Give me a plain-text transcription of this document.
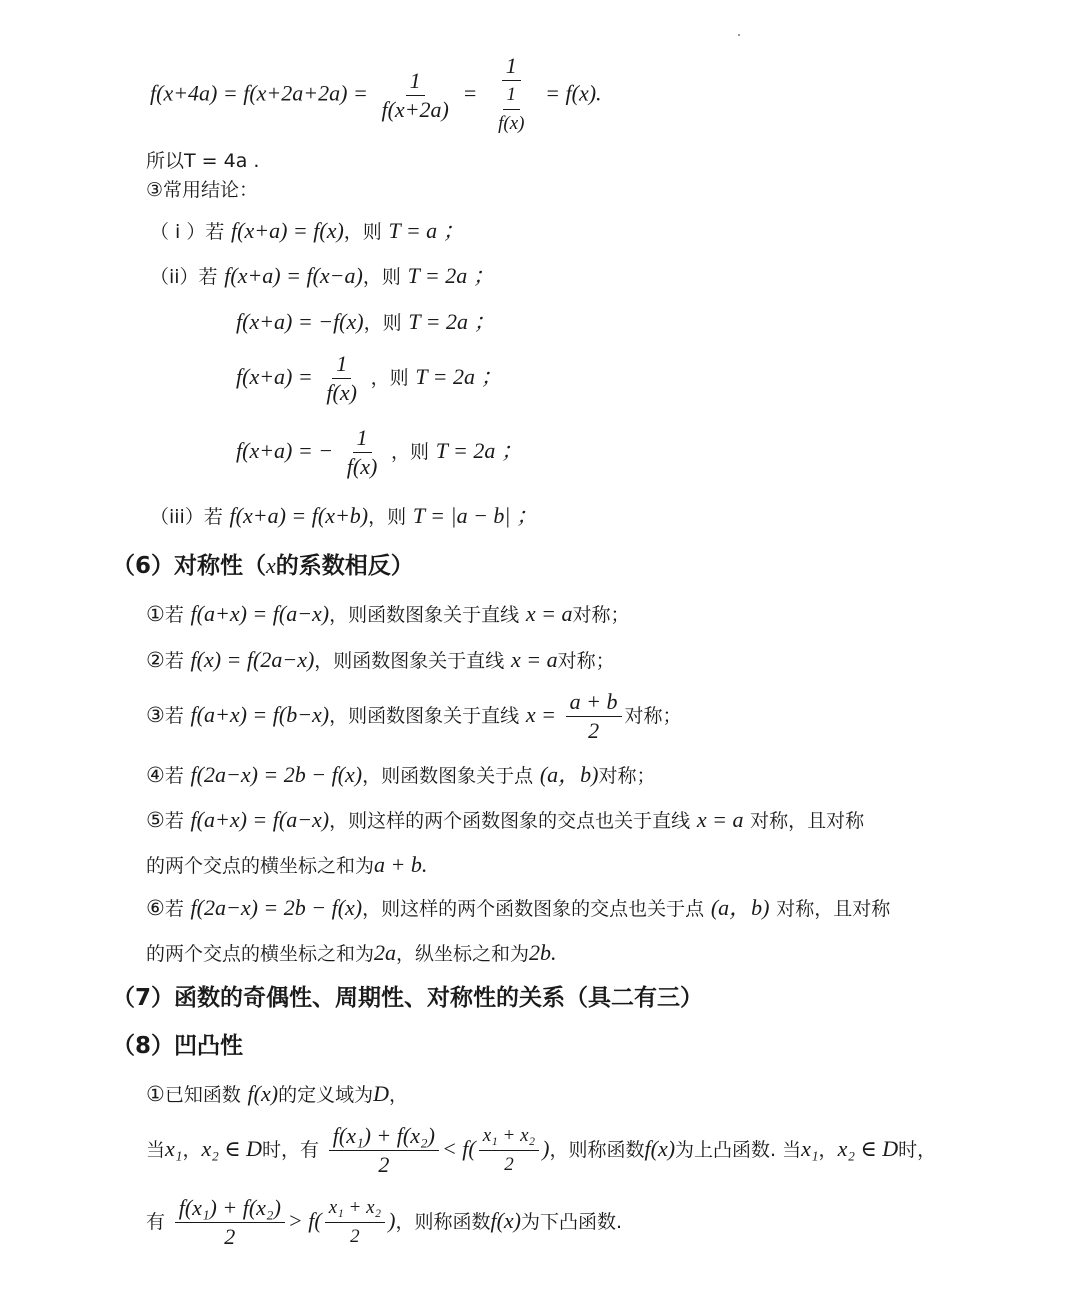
$f(x+4a) = f(x+2a+2a) = \frac{1}{f(x+2a)} = \frac{1}{\frac{1}{f(x)}} = f(x)$.
所以T = 4a .
③常用结论：
（ i ）若 f(x+a) = f(x)，则 T = a ；
（ii）若 f(x+a) = f(x−a)，则 T = 2a ；
f(x+a) = −f(x)，则 T = 2a ；
$f(x+a) = \frac{1}{f(x)}$ ，则 T = 2a ；
f(x+a) = − $\frac{1}{f(x)}$ ，则 T = 2a ；
（iii）若 f(x+a) = f(x+b)，则 T = |a − b| ；
（6）对称性（x的系数相反）
①若 f(a+x) = f(a−x)，则函数图象关于直线 x = a对称；
②若 f(x) = f(2a−x)，则函数图象关于直线 x = a对称；
③若 f(a+x) = f(b−x)，则函数图象关于直线 $x = \frac{a + b}{2}$ 对称；
④若 f(2a−x) = 2b − f(x)，则函数图象关于点 (a，b)对称；
⑤若 f(a+x) = f(a−x)，则这样的两个函数图象的交点也关于直线 x = a 对称，且对称
的两个交点的横坐标之和为a + b.
⑥若 f(2a−x) = 2b − f(x)，则这样的两个函数图象的交点也关于点 (a，b) 对称，且对称
的两个交点的横坐标之和为2a，纵坐标之和为2b.
（7）函数的奇偶性、周期性、对称性的关系（具二有三）
（8）凹凸性
①已知函数 f(x)的定义域为D，
当x₁，x₂ ∈ D时，有 $\frac{\text{f(x₁) + f(x₂)}}{2} < f( \frac{\text{x₁ + x₂}}{2}$ )，则称函数f(x)为上凸函数. 当x₁，x₂ ∈ D时，
有 $\frac{\text{f(x₁) + f(x₂)}}{2} > f( \frac{\text{x₁ + x₂}}{2}$ )，则称函数f(x)为下凸函数.
